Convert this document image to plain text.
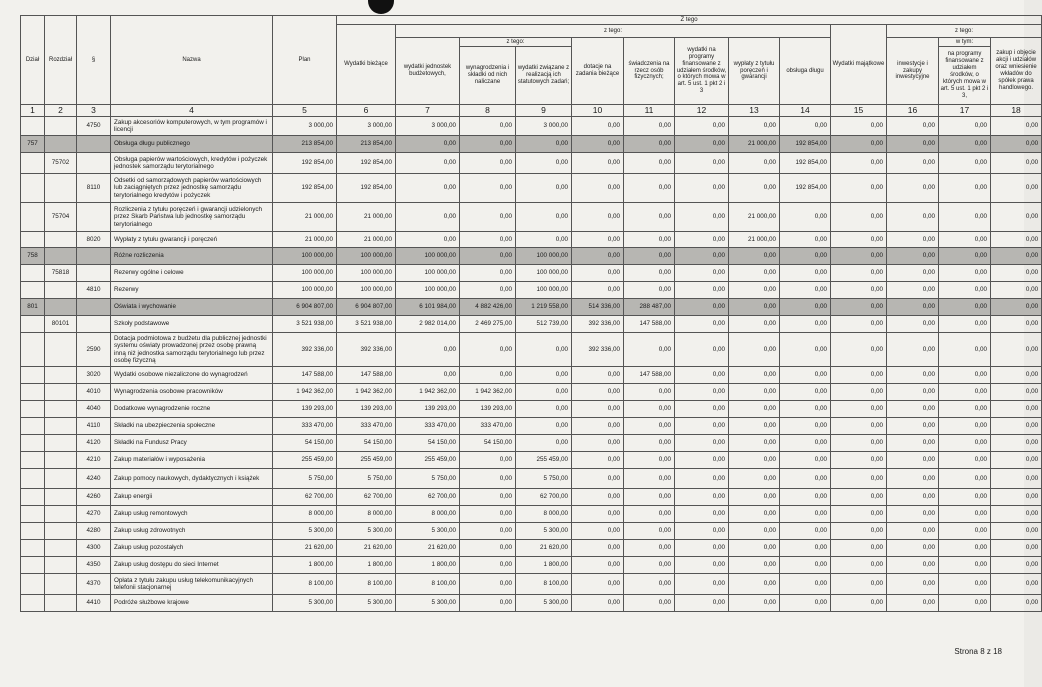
Dział	Rozdział	§	Nazwa	Plan	Z tego												
					Wydatki bieżące	z tego:								Wydatki majątkowe	z tego:		
						wydatki jednostek budżetowych,	z tego:		dotacje na zadania bieżące	świadczenia na rzecz osób fizycznych;	wydatki na programy finansowane z udziałem środków, o których mowa w art. 5 ust. 1 pkt 2 i 3	wypłaty z tytułu poręczeń i gwarancji	obsługa długu		inwestycje i zakupy inwestycyjne	w tym:	zakup i objęcie akcji i udziałów oraz wniesienie wkładów do spółek prawa handlowego.
							wynagrodzenia i składki od nich naliczane	wydatki związane z realizacją ich statutowych zadań;								na programy finansowane z udziałem środków, o których mowa w art. 5 ust. 1 pkt 2 i 3,	
1	2	3	4	5	6	7	8	9	10	11	12	13	14	15	16	17	18
		4750	Zakup akcesoriów komputerowych, w tym programów i licencji	3 000,00	3 000,00	3 000,00	0,00	3 000,00	0,00	0,00	0,00	0,00	0,00	0,00	0,00	0,00	0,00
757			Obsługa długu publicznego	213 854,00	213 854,00	0,00	0,00	0,00	0,00	0,00	0,00	21 000,00	192 854,00	0,00	0,00	0,00	0,00
	75702		Obsługa papierów wartościowych, kredytów i pożyczek jednostek samorządu terytorialnego	192 854,00	192 854,00	0,00	0,00	0,00	0,00	0,00	0,00	0,00	192 854,00	0,00	0,00	0,00	0,00
		8110	Odsetki od samorządowych papierów wartościowych lub zaciągniętych przez jednostkę samorządu terytorialnego kredytów i pożyczek	192 854,00	192 854,00	0,00	0,00	0,00	0,00	0,00	0,00	0,00	192 854,00	0,00	0,00	0,00	0,00
	75704		Rozliczenia z tytułu poręczeń i gwarancji udzielonych przez Skarb Państwa lub jednostkę samorządu terytorialnego	21 000,00	21 000,00	0,00	0,00	0,00	0,00	0,00	0,00	21 000,00	0,00	0,00	0,00	0,00	0,00
		8020	Wypłaty z tytułu gwarancji i poręczeń	21 000,00	21 000,00	0,00	0,00	0,00	0,00	0,00	0,00	21 000,00	0,00	0,00	0,00	0,00	0,00
758			Różne rozliczenia	100 000,00	100 000,00	100 000,00	0,00	100 000,00	0,00	0,00	0,00	0,00	0,00	0,00	0,00	0,00	0,00
	75818		Rezerwy ogólne i celowe	100 000,00	100 000,00	100 000,00	0,00	100 000,00	0,00	0,00	0,00	0,00	0,00	0,00	0,00	0,00	0,00
		4810	Rezerwy	100 000,00	100 000,00	100 000,00	0,00	100 000,00	0,00	0,00	0,00	0,00	0,00	0,00	0,00	0,00	0,00
801			Oświata i wychowanie	6 904 807,00	6 904 807,00	6 101 984,00	4 882 426,00	1 219 558,00	514 336,00	288 487,00	0,00	0,00	0,00	0,00	0,00	0,00	0,00
	80101		Szkoły podstawowe	3 521 938,00	3 521 938,00	2 982 014,00	2 469 275,00	512 739,00	392 336,00	147 588,00	0,00	0,00	0,00	0,00	0,00	0,00	0,00
		2590	Dotacja podmiotowa z budżetu dla publicznej jednostki systemu oświaty prowadzonej przez osobę prawną inną niż jednostka samorządu terytorialnego lub przez osobę fizyczną	392 336,00	392 336,00	0,00	0,00	0,00	392 336,00	0,00	0,00	0,00	0,00	0,00	0,00	0,00	0,00
		3020	Wydatki osobowe niezaliczone do wynagrodzeń	147 588,00	147 588,00	0,00	0,00	0,00	0,00	147 588,00	0,00	0,00	0,00	0,00	0,00	0,00	0,00
		4010	Wynagrodzenia osobowe pracowników	1 942 362,00	1 942 362,00	1 942 362,00	1 942 362,00	0,00	0,00	0,00	0,00	0,00	0,00	0,00	0,00	0,00	0,00
		4040	Dodatkowe wynagrodzenie roczne	139 293,00	139 293,00	139 293,00	139 293,00	0,00	0,00	0,00	0,00	0,00	0,00	0,00	0,00	0,00	0,00
		4110	Składki na ubezpieczenia społeczne	333 470,00	333 470,00	333 470,00	333 470,00	0,00	0,00	0,00	0,00	0,00	0,00	0,00	0,00	0,00	0,00
		4120	Składki na Fundusz Pracy	54 150,00	54 150,00	54 150,00	54 150,00	0,00	0,00	0,00	0,00	0,00	0,00	0,00	0,00	0,00	0,00
		4210	Zakup materiałów i wyposażenia	255 459,00	255 459,00	255 459,00	0,00	255 459,00	0,00	0,00	0,00	0,00	0,00	0,00	0,00	0,00	0,00
		4240	Zakup pomocy naukowych, dydaktycznych i książek	5 750,00	5 750,00	5 750,00	0,00	5 750,00	0,00	0,00	0,00	0,00	0,00	0,00	0,00	0,00	0,00
		4260	Zakup energii	62 700,00	62 700,00	62 700,00	0,00	62 700,00	0,00	0,00	0,00	0,00	0,00	0,00	0,00	0,00	0,00
		4270	Zakup usług remontowych	8 000,00	8 000,00	8 000,00	0,00	8 000,00	0,00	0,00	0,00	0,00	0,00	0,00	0,00	0,00	0,00
		4280	Zakup usług zdrowotnych	5 300,00	5 300,00	5 300,00	0,00	5 300,00	0,00	0,00	0,00	0,00	0,00	0,00	0,00	0,00	0,00
		4300	Zakup usług pozostałych	21 620,00	21 620,00	21 620,00	0,00	21 620,00	0,00	0,00	0,00	0,00	0,00	0,00	0,00	0,00	0,00
		4350	Zakup usług dostępu do sieci Internet	1 800,00	1 800,00	1 800,00	0,00	1 800,00	0,00	0,00	0,00	0,00	0,00	0,00	0,00	0,00	0,00
		4370	Opłata z tytułu zakupu usług telekomunikacyjnych telefonii stacjonarnej	8 100,00	8 100,00	8 100,00	0,00	8 100,00	0,00	0,00	0,00	0,00	0,00	0,00	0,00	0,00	0,00
		4410	Podróże służbowe krajowe	5 300,00	5 300,00	5 300,00	0,00	5 300,00	0,00	0,00	0,00	0,00	0,00	0,00	0,00	0,00	0,00
Strona 8 z 18
